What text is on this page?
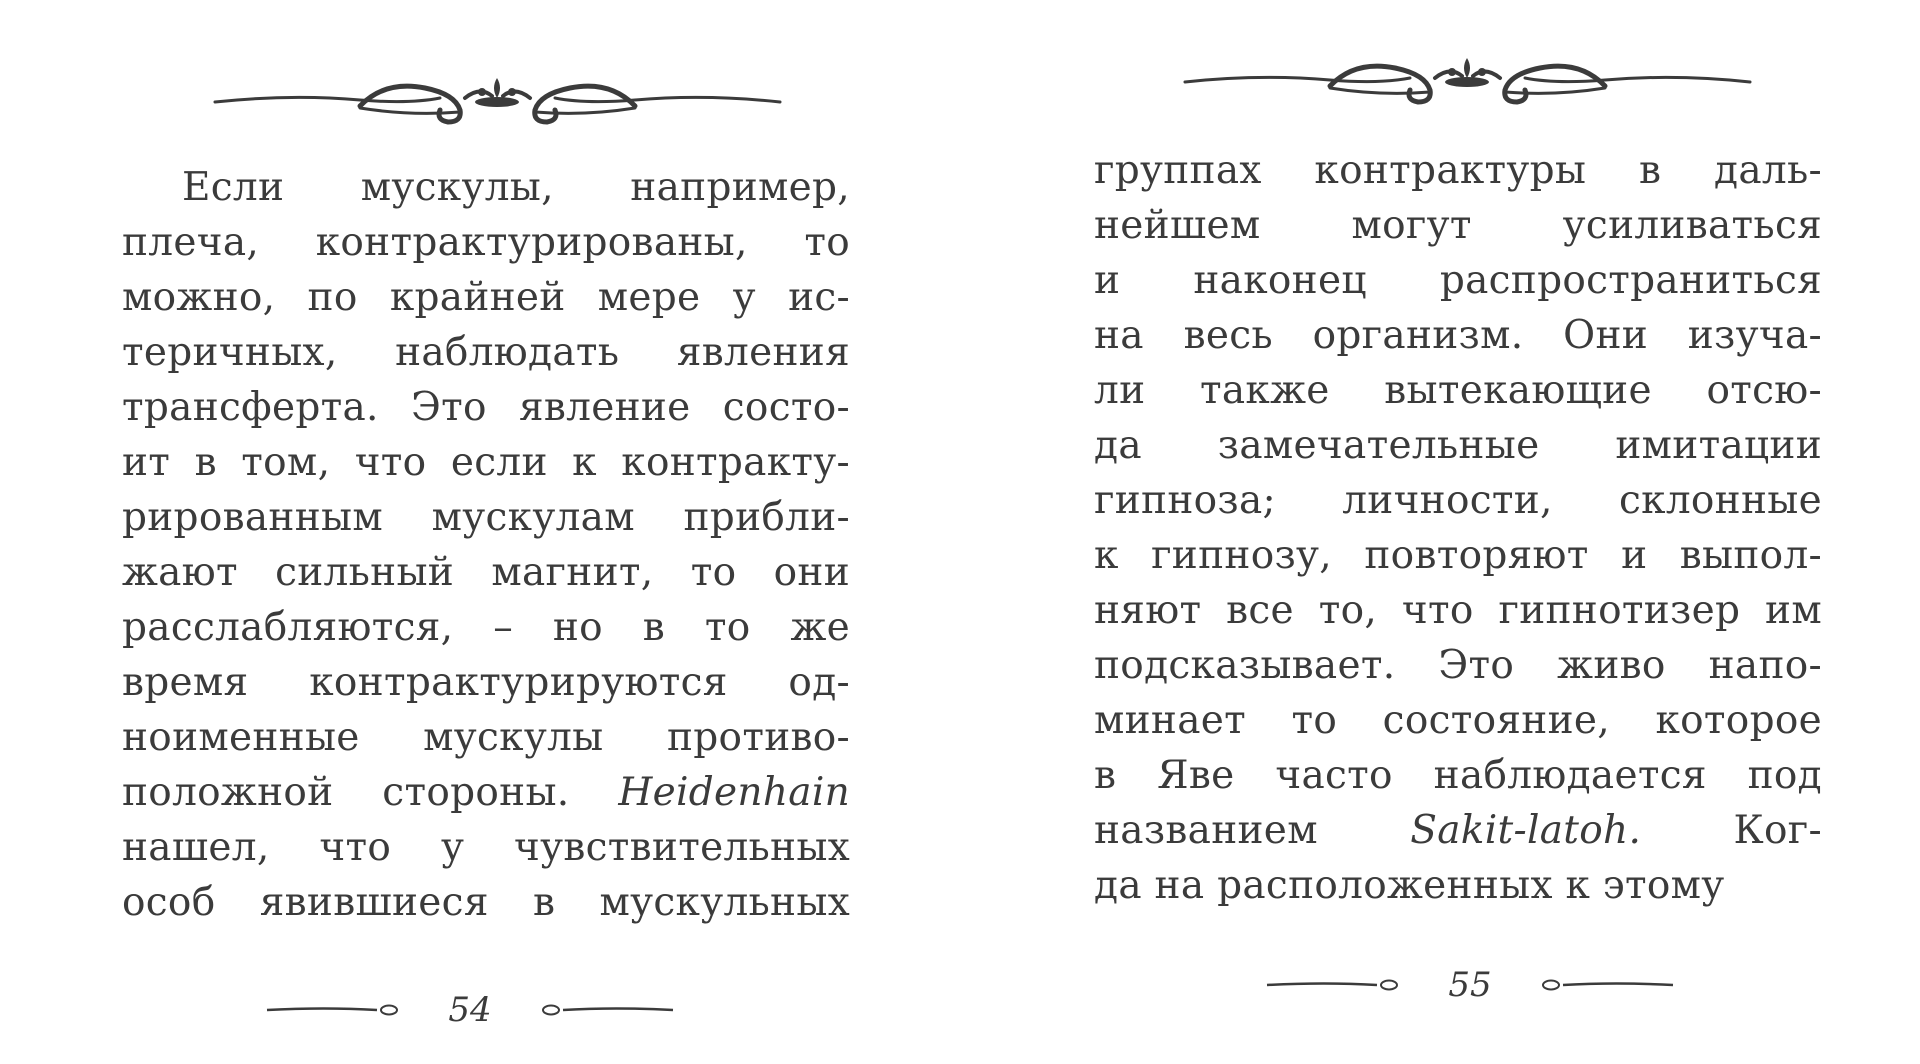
Если мускулы, например,
плеча, контрактурированы, то
можно, по крайней мере у ис-
теричных, наблюдать явления
трансферта. Это явление состо-
ит в том, что если к контракту-
рированным мускулам прибли-
жают сильный магнит, то они
расслабляются, – но в то же
время контрактурируются од-
ноименные мускулы противо-
положной стороны. Heidenhain
нашел, что у чувствительных
особ явившиеся в мускульных
54
группах контрактуры в даль-
нейшем могут усиливаться
и наконец распространиться
на весь организм. Они изуча-
ли также вытекающие отсю-
да замечательные имитации
гипноза; личности, склонные
к гипнозу, повторяют и выпол-
няют все то, что гипнотизер им
подсказывает. Это живо напо-
минает то состояние, которое
в Яве часто наблюдается под
названием Sakit-latoh. Ког-
да на расположенных к этому
55
